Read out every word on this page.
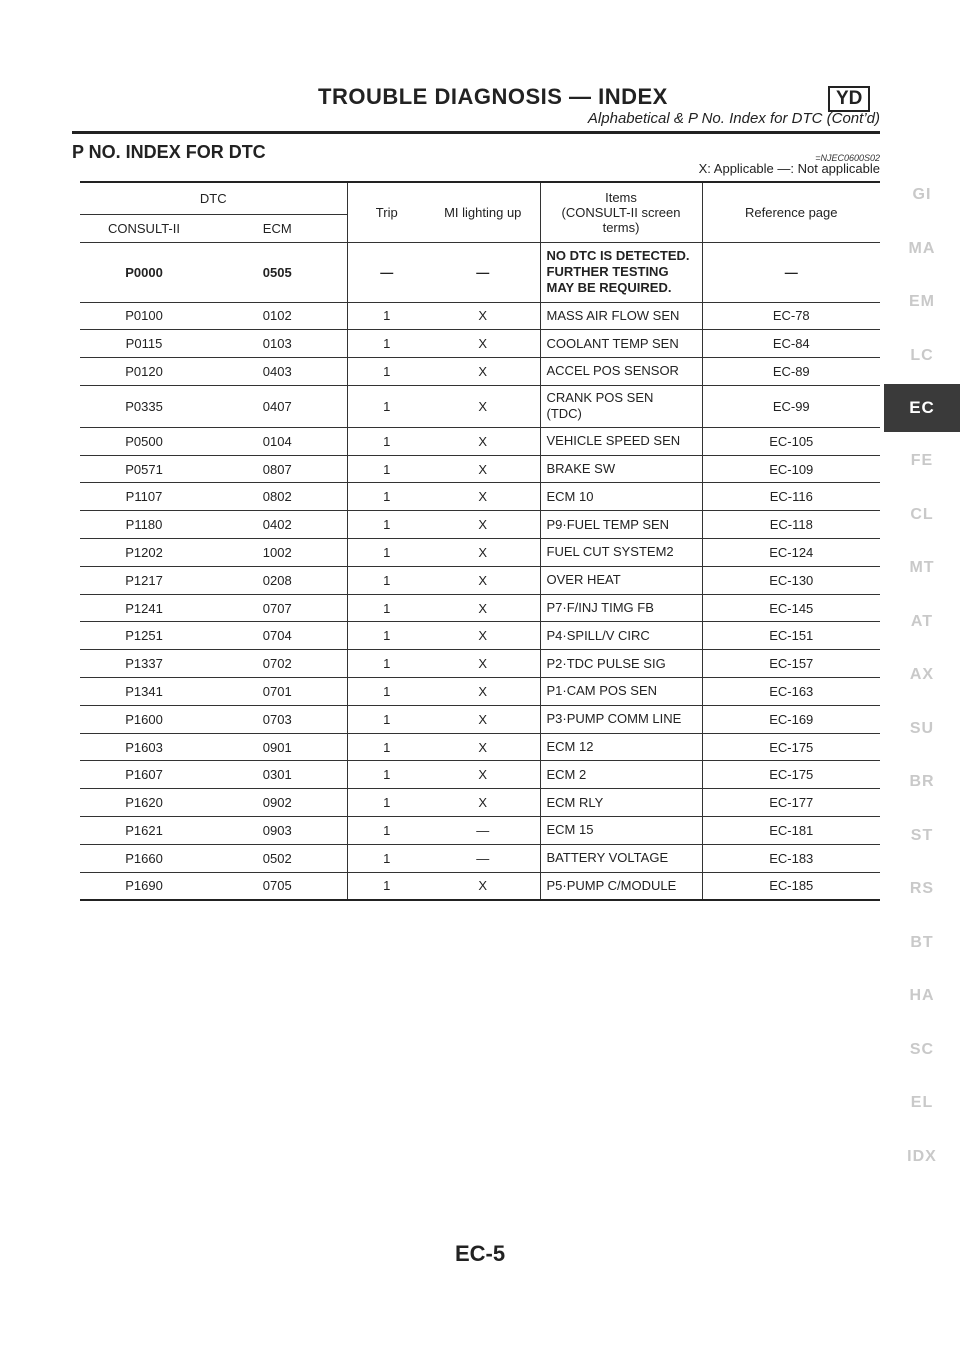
TROUBLE DIAGNOSIS — INDEX	YD
Alphabetical & P No. Index for DTC (Cont’d)
P NO. INDEX FOR DTC	=NJEC0600S02
X: Applicable —: Not applicable
DTC		Trip	MI lighting up	Items
(CONSULT-II screen
terms)	Reference page
CONSULT-II	ECM				
P0000	0505	—	—	NO DTC IS DETECTED.
FURTHER TESTING
MAY BE REQUIRED.	—
P0100	0102	1	X	MASS AIR FLOW SEN	EC-78
P0115	0103	1	X	COOLANT TEMP SEN	EC-84
P0120	0403	1	X	ACCEL POS SENSOR	EC-89
P0335	0407	1	X	CRANK POS SEN
(TDC)	EC-99
P0500	0104	1	X	VEHICLE SPEED SEN	EC-105
P0571	0807	1	X	BRAKE SW	EC-109
P1107	0802	1	X	ECM 10	EC-116
P1180	0402	1	X	P9·FUEL TEMP SEN	EC-118
P1202	1002	1	X	FUEL CUT SYSTEM2	EC-124
P1217	0208	1	X	OVER HEAT	EC-130
P1241	0707	1	X	P7·F/INJ TIMG FB	EC-145
P1251	0704	1	X	P4·SPILL/V CIRC	EC-151
P1337	0702	1	X	P2·TDC PULSE SIG	EC-157
P1341	0701	1	X	P1·CAM POS SEN	EC-163
P1600	0703	1	X	P3·PUMP COMM LINE	EC-169
P1603	0901	1	X	ECM 12	EC-175
P1607	0301	1	X	ECM 2	EC-175
P1620	0902	1	X	ECM RLY	EC-177
P1621	0903	1	—	ECM 15	EC-181
P1660	0502	1	—	BATTERY VOLTAGE	EC-183
P1690	0705	1	X	P5·PUMP C/MODULE	EC-185
GI
MA
EM
LC
EC
FE
CL
MT
AT
AX
SU
BR
ST
RS
BT
HA
SC
EL
IDX
EC-5
